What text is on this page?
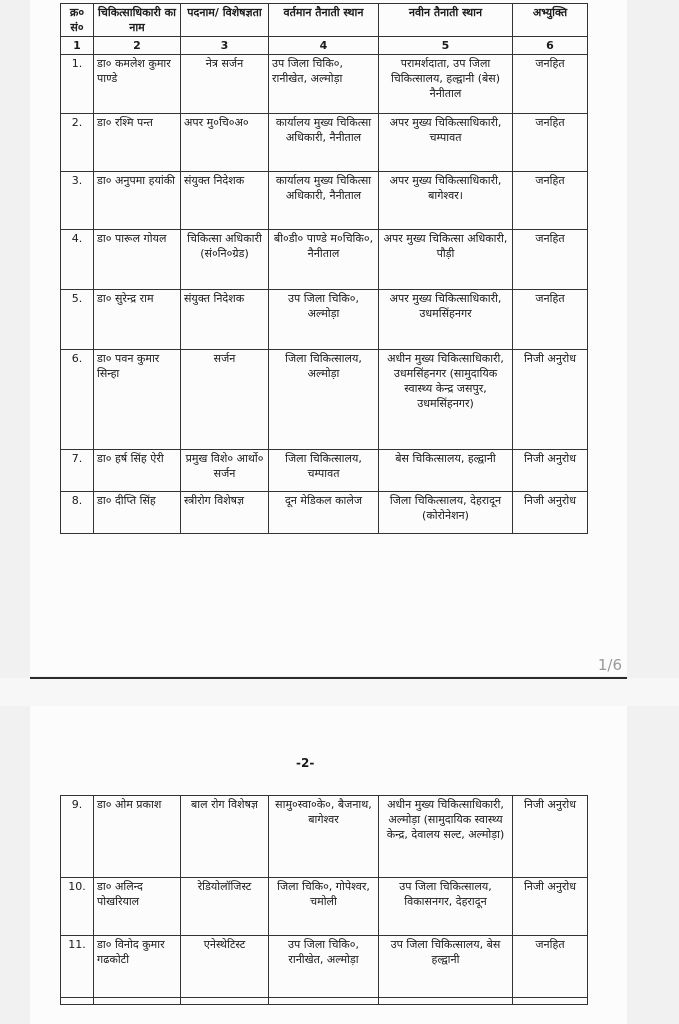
क्र० सं०	चिकित्साधिकारी का नाम	पदनाम/ विशेषज्ञता	वर्तमान तैनाती स्थान	नवीन तैनाती स्थान	अभ्युक्ति
1	2	3	4	5	6
1.	डा० कमलेश कुमार पाण्डे	नेत्र सर्जन	उप जिला चिकि०, रानीखेत, अल्मोड़ा	परामर्शदाता, उप जिला चिकित्सालय, हल्द्वानी (बेस) नैनीताल	जनहित
2.	डा० रश्मि पन्त	अपर मु०चि०अ०	कार्यालय मुख्य चिकित्सा अधिकारी, नैनीताल	अपर मुख्य चिकित्साधिकारी, चम्पावत	जनहित
3.	डा० अनुपमा हयांकी	संयुक्त निदेशक	कार्यालय मुख्य चिकित्सा अधिकारी, नैनीताल	अपर मुख्य चिकित्साधिकारी, बागेश्वर।	जनहित
4.	डा० पारूल गोयल	चिकित्सा अधिकारी (सं०नि०ग्रेड)	बी०डी० पाण्डे म०चिकि०, नैनीताल	अपर मुख्य चिकित्सा अधिकारी, पौड़ी	जनहित
5.	डा० सुरेन्द्र राम	संयुक्त निदेशक	उप जिला चिकि०, अल्मोड़ा	अपर मुख्य चिकित्साधिकारी, उधमसिंहनगर	जनहित
6.	डा० पवन कुमार सिन्हा	सर्जन	जिला चिकित्सालय, अल्मोड़ा	अधीन मुख्य चिकित्साधिकारी, उधमसिंहनगर (सामुदायिक स्वास्थ्य केन्द्र जसपुर, उधमसिंहनगर)	निजी अनुरोध
7.	डा० हर्ष सिंह ऐरी	प्रमुख विशे० आर्थो० सर्जन	जिला चिकित्सालय, चम्पावत	बेस चिकित्सालय, हल्द्वानी	निजी अनुरोध
8.	डा० दीप्ति सिंह	स्त्रीरोग विशेषज्ञ	दून मेडिकल कालेज	जिला चिकित्सालय, देहरादून (कोरोनेशन)	निजी अनुरोध
1/6
-2-
9.	डा० ओम प्रकाश	बाल रोग विशेषज्ञ	सामु०स्वा०के०, बैजनाथ, बागेश्वर	अधीन मुख्य चिकित्साधिकारी, अल्मोड़ा (सामुदायिक स्वास्थ्य केन्द्र, देवालय सल्ट, अल्मोड़ा)	निजी अनुरोध
10.	डा० अलिन्द पोखरियाल	रेडियोलॉजिस्ट	जिला चिकि०, गोपेश्वर, चमोली	उप जिला चिकित्सालय, विकासनगर, देहरादून	निजी अनुरोध
11.	डा० विनोद कुमार गढकोटी	एनेस्थेटिस्ट	उप जिला चिकि०, रानीखेत, अल्मोड़ा	उप जिला चिकित्सालय, बेस हल्द्वानी	जनहित
